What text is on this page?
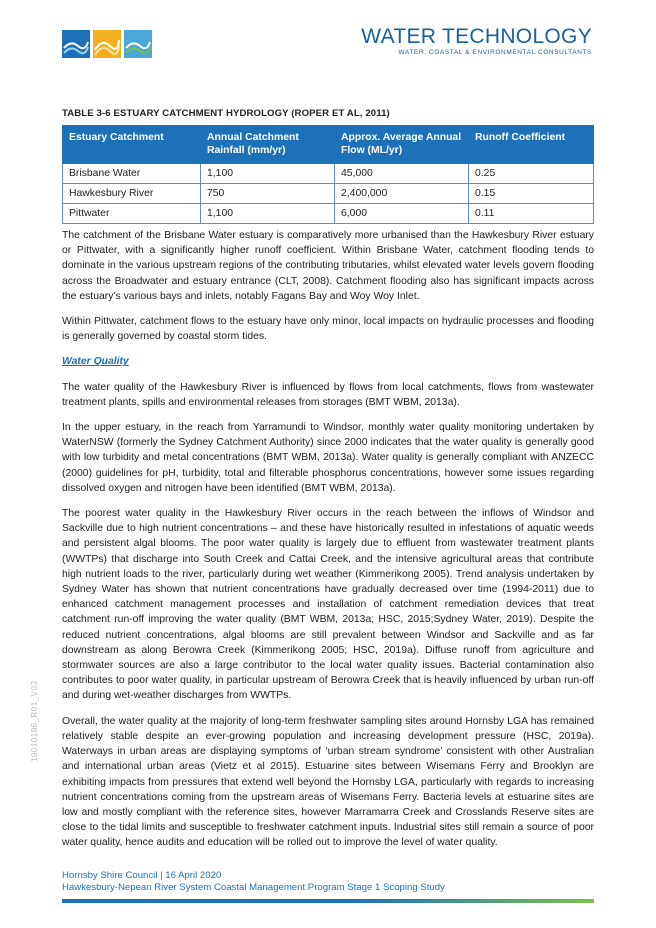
WATER TECHNOLOGY
WATER, COASTAL & ENVIRONMENTAL CONSULTANTS
TABLE 3-6 ESTUARY CATCHMENT HYDROLOGY (ROPER ET AL, 2011)
Estuary Catchment	Annual Catchment Rainfall (mm/yr)	Approx. Average Annual Flow (ML/yr)	Runoff Coefficient
Brisbane Water	1,100	45,000	0.25
Hawkesbury River	750	2,400,000	0.15
Pittwater	1,100	6,000	0.11

The catchment of the Brisbane Water estuary is comparatively more urbanised than the Hawkesbury River estuary or Pittwater, with a significantly higher runoff coefficient. Within Brisbane Water, catchment flooding tends to dominate in the various upstream regions of the contributing tributaries, whilst elevated water levels govern flooding across the Broadwater and estuary entrance (CLT, 2008). Catchment flooding also has significant impacts across the estuary’s various bays and inlets, notably Fagans Bay and Woy Woy Inlet.

Within Pittwater, catchment flows to the estuary have only minor, local impacts on hydraulic processes and flooding is generally governed by coastal storm tides.

Water Quality

The water quality of the Hawkesbury River is influenced by flows from local catchments, flows from wastewater treatment plants, spills and environmental releases from storages (BMT WBM, 2013a).

In the upper estuary, in the reach from Yarramundi to Windsor, monthly water quality monitoring undertaken by WaterNSW (formerly the Sydney Catchment Authority) since 2000 indicates that the water quality is generally good with low turbidity and metal concentrations (BMT WBM, 2013a). Water quality is generally compliant with ANZECC (2000) guidelines for pH, turbidity, total and filterable phosphorus concentrations, however some issues regarding dissolved oxygen and nitrogen have been identified (BMT WBM, 2013a).

The poorest water quality in the Hawkesbury River occurs in the reach between the inflows of Windsor and Sackville due to high nutrient concentrations – and these have historically resulted in infestations of aquatic weeds and persistent algal blooms. The poor water quality is largely due to effluent from wastewater treatment plants (WWTPs) that discharge into South Creek and Cattai Creek, and the intensive agricultural areas that contribute high nutrient loads to the river, particularly during wet weather (Kimmerikong 2005). Trend analysis undertaken by Sydney Water has shown that nutrient concentrations have gradually decreased over time (1994-2011) due to enhanced catchment management processes and installation of catchment remediation devices that treat catchment run-off improving the water quality (BMT WBM, 2013a; HSC, 2015;Sydney Water, 2019). Despite the reduced nutrient concentrations, algal blooms are still prevalent between Windsor and Sackville and as far downstream as along Berowra Creek (Kimmerikong 2005; HSC, 2019a). Diffuse runoff from agriculture and stormwater sources are also a large contributor to the local water quality issues. Bacterial contamination also contributes to poor water quality, in particular upstream of Berowra Creek that is heavily influenced by urban run-off and during wet-weather discharges from WWTPs.

Overall, the water quality at the majority of long-term freshwater sampling sites around Hornsby LGA has remained relatively stable despite an ever-growing population and increasing development pressure (HSC, 2019a). Waterways in urban areas are displaying symptoms of ‘urban stream syndrome’ consistent with other Australian and international urban areas (Vietz et al 2015). Estuarine sites between Wisemans Ferry and Brooklyn are exhibiting impacts from pressures that extend well beyond the Hornsby LGA, particularly with regards to increasing nutrient concentrations coming from the upstream areas of Wisemans Ferry. Bacteria levels at estuarine sites are low and mostly compliant with the reference sites, however Marramarra Creek and Crosslands Reserve sites are close to the tidal limits and susceptible to freshwater catchment inputs. Industrial sites still remain a source of poor water quality, hence audits and education will be rolled out to improve the level of water quality.

19010186_R01_V03
Hornsby Shire Council | 16 April 2020
Hawkesbury-Nepean River System Coastal Management Program Stage 1 Scoping Study
